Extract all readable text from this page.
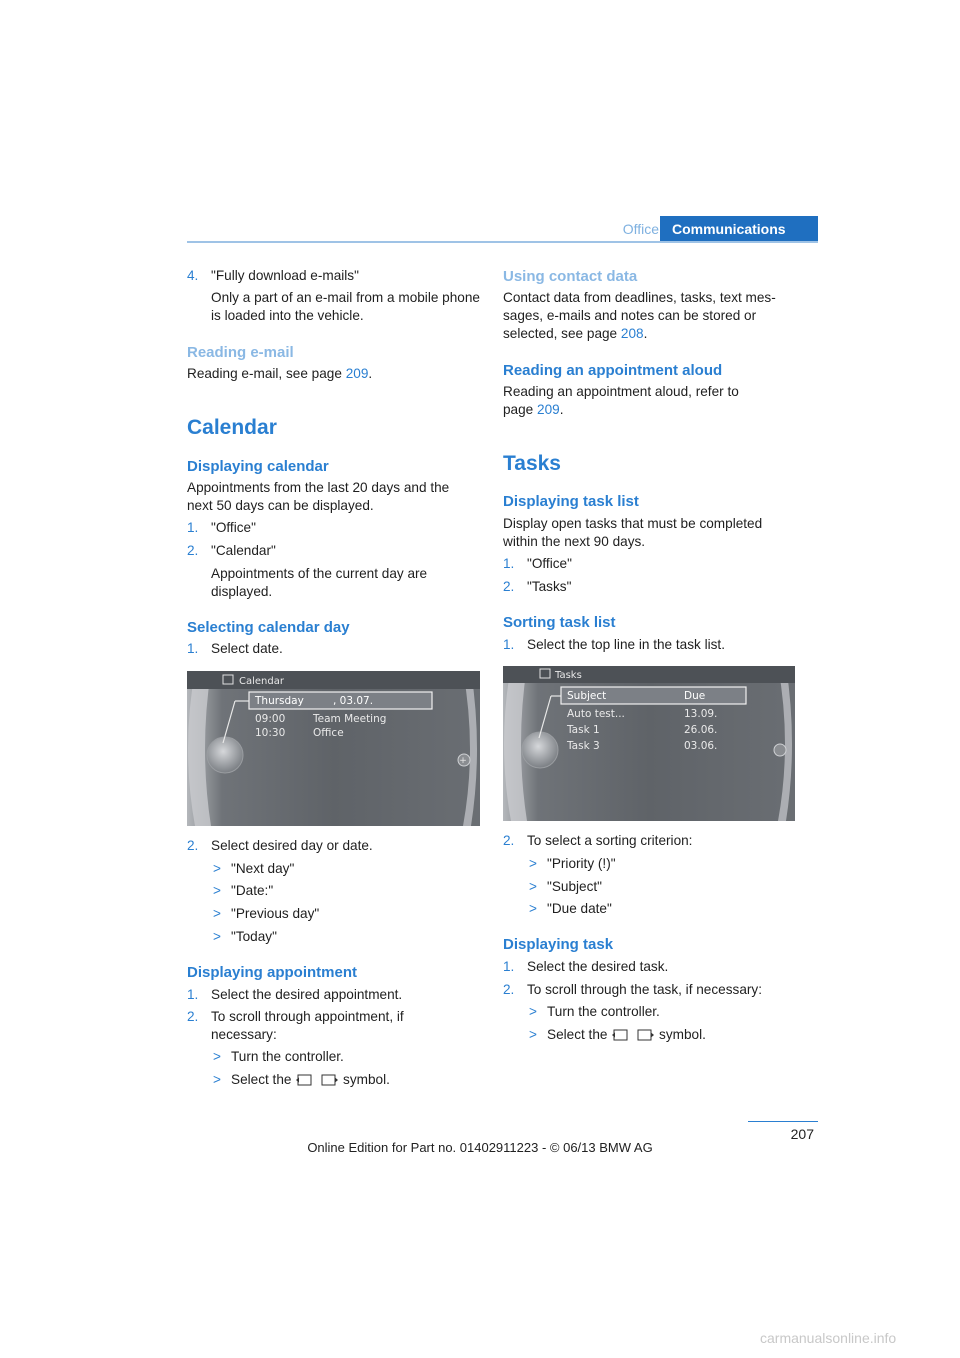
Office Communications
4. "Fully download e-mails"
Only a part of an e-mail from a mobile phone
is loaded into the vehicle.
Reading e-mail
Reading e-mail, see page 209.
Calendar
Displaying calendar
Appointments from the last 20 days and the
next 50 days can be displayed.
1. "Office"
2. "Calendar"
Appointments of the current day are
displayed.
Selecting calendar day
1. Select date.
+
Calendar
Thursday	, 03.07.
09:00	Team Meeting
10:30	Office
2. Select desired day or date.
> "Next day"
> "Date:"
> "Previous day"
> "Today"
Displaying appointment
1. Select the desired appointment.
2. To scroll through appointment, if
necessary:
> Turn the controller.
> Select the	symbol.
Using contact data
Contact data from deadlines, tasks, text mes-
sages, e-mails and notes can be stored or
selected, see page 208.
Reading an appointment aloud
Reading an appointment aloud, refer to
page 209.
Tasks
Displaying task list
Display open tasks that must be completed
within the next 90 days.
1. "Office"
2. "Tasks"
Sorting task list
1. Select the top line in the task list.
Tasks
Subject	Due
Auto test...	13.09.
Task 1	26.06.
Task 3	03.06.
2. To select a sorting criterion:
> "Priority (!)"
> "Subject"
> "Due date"
Displaying task
1. Select the desired task.
2. To scroll through the task, if necessary:
> Turn the controller.
> Select the	symbol.
207
Online Edition for Part no. 01402911223 - © 06/13 BMW AG
carmanualsonline.info
